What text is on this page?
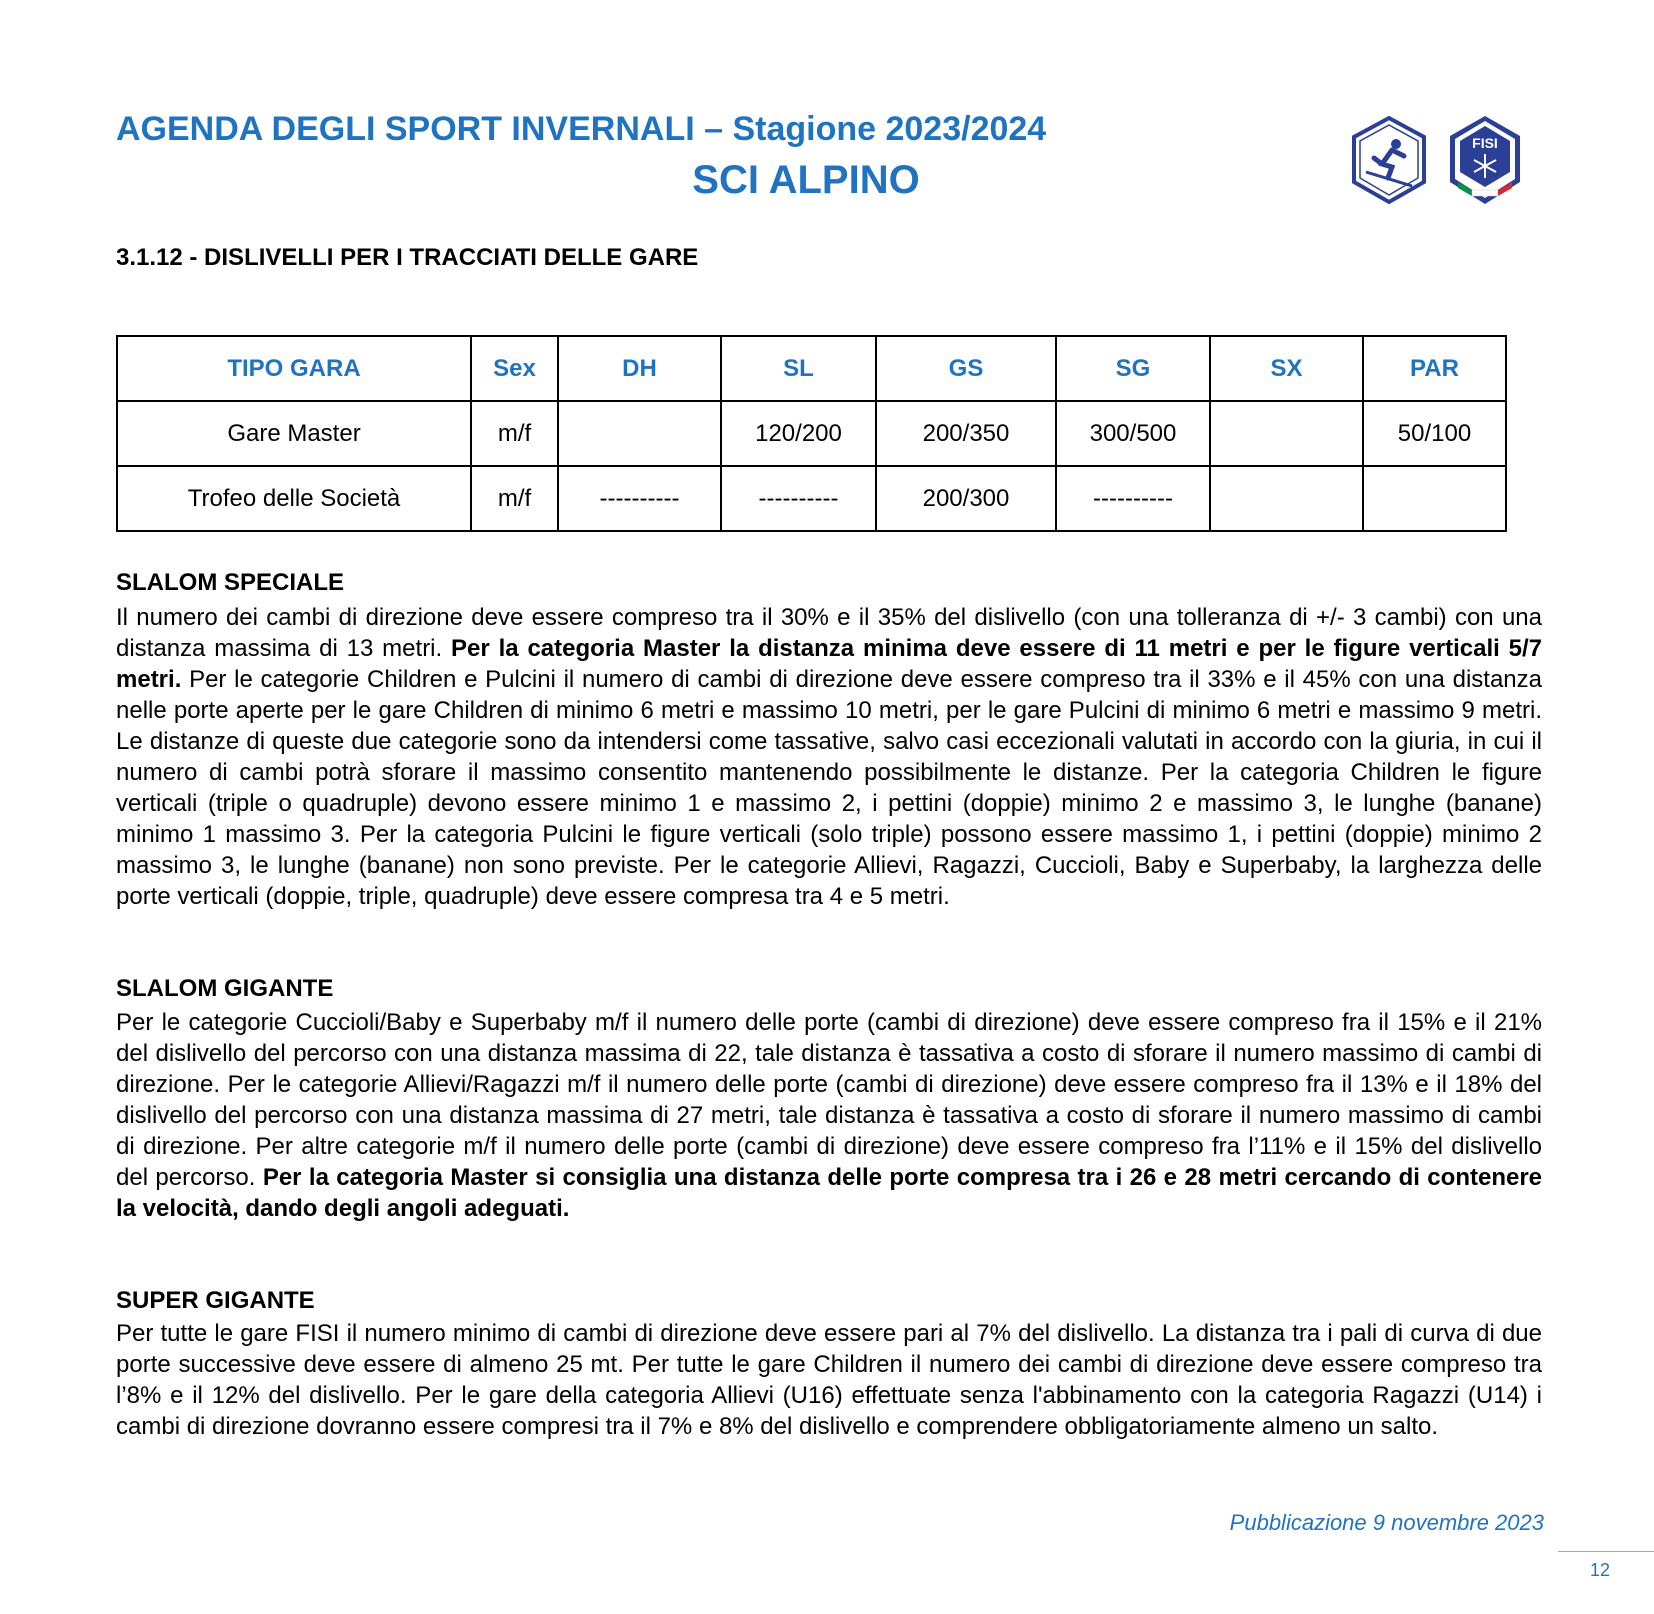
AGENDA DEGLI SPORT INVERNALI – Stagione 2023/2024
SCI ALPINO
FISI
3.1.12 - DISLIVELLI PER I TRACCIATI DELLE GARE
TIPO GARA	Sex	DH	SL	GS	SG	SX	PAR
Gare Master	m/f		120/200	200/350	300/500		50/100
Trofeo delle Società	m/f	----------	----------	200/300	----------		
SLALOM SPECIALE

Il numero dei cambi di direzione deve essere compreso tra il 30% e il 35% del dislivello (con una tolleranza di +/- 3 cambi) con una distanza massima di 13 metri. Per la categoria Master la distanza minima deve essere di 11 metri e per le figure verticali 5/7 metri. Per le categorie Children e Pulcini il numero di cambi di direzione deve essere compreso tra il 33% e il 45% con una distanza nelle porte aperte per le gare Children di minimo 6 metri e massimo 10 metri, per le gare Pulcini di minimo 6 metri e massimo 9 metri. Le distanze di queste due categorie sono da intendersi come tassative, salvo casi eccezionali valutati in accordo con la giuria, in cui il numero di cambi potrà sforare il massimo consentito mantenendo possibilmente le distanze. Per la categoria Children le figure verticali (triple o quadruple) devono essere minimo 1 e massimo 2, i pettini (doppie) minimo 2 e massimo 3, le lunghe (banane) minimo 1 massimo 3. Per la categoria Pulcini le figure verticali (solo triple) possono essere massimo 1, i pettini (doppie) minimo 2 massimo 3, le lunghe (banane) non sono previste. Per le categorie Allievi, Ragazzi, Cuccioli, Baby e Superbaby, la larghezza delle porte verticali (doppie, triple, quadruple) deve essere compresa tra 4 e 5 metri.

SLALOM GIGANTE

Per le categorie Cuccioli/Baby e Superbaby m/f il numero delle porte (cambi di direzione) deve essere compreso fra il 15% e il 21% del dislivello del percorso con una distanza massima di 22, tale distanza è tassativa a costo di sforare il numero massimo di cambi di direzione. Per le categorie Allievi/Ragazzi m/f il numero delle porte (cambi di direzione) deve essere compreso fra il 13% e il 18% del dislivello del percorso con una distanza massima di 27 metri, tale distanza è tassativa a costo di sforare il numero massimo di cambi di direzione. Per altre categorie m/f il numero delle porte (cambi di direzione) deve essere compreso fra l’11% e il 15% del dislivello del percorso. Per la categoria Master si consiglia una distanza delle porte compresa tra i 26 e 28 metri cercando di contenere la velocità, dando degli angoli adeguati.

SUPER GIGANTE

Per tutte le gare FISI il numero minimo di cambi di direzione deve essere pari al 7% del dislivello. La distanza tra i pali di curva di due porte successive deve essere di almeno 25 mt. Per tutte le gare Children il numero dei cambi di direzione deve essere compreso tra l’8% e il 12% del dislivello. Per le gare della categoria Allievi (U16) effettuate senza l'abbinamento con la categoria Ragazzi (U14) i cambi di direzione dovranno essere compresi tra il 7% e 8% del dislivello e comprendere obbligatoriamente almeno un salto.

Pubblicazione 9 novembre 2023
12
